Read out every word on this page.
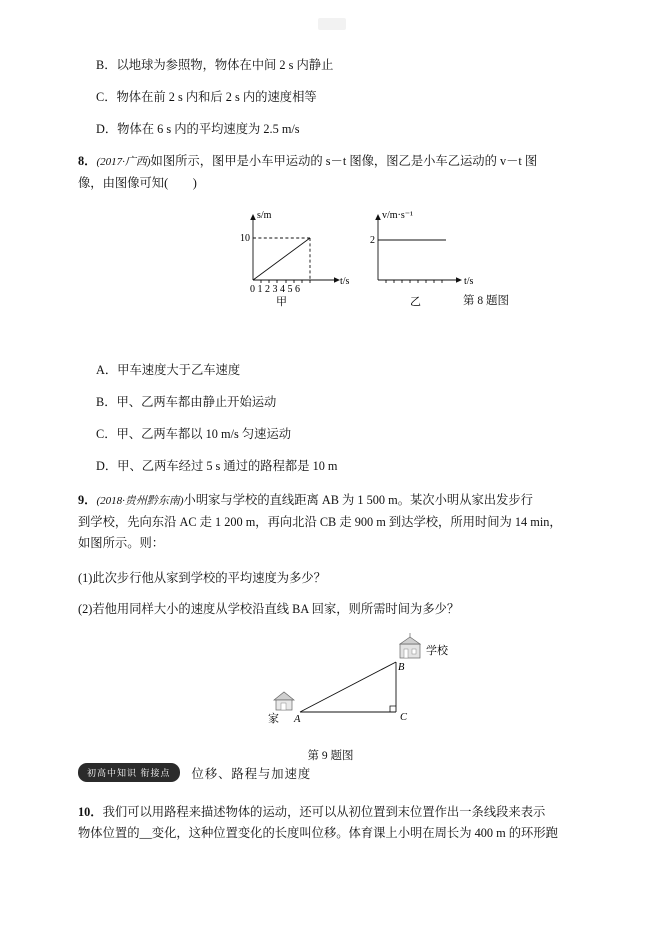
B．以地球为参照物，物体在中间 2 s 内静止
C．物体在前 2 s 内和后 2 s 内的速度相等
D．物体在 6 s 内的平均速度为 2.5 m/s
8．(2017·广西)如图所示，图甲是小车甲运动的 s－t 图像，图乙是小车乙运动的 v－t 图
像，由图像可知(　　)
s/m
t/s
10
0 1 2 3 4 5 6
甲
v/m·s⁻¹
t/s
2
乙	第 8 题图
A．甲车速度大于乙车速度
B．甲、乙两车都由静止开始运动
C．甲、乙两车都以 10 m/s 匀速运动
D．甲、乙两车经过 5 s 通过的路程都是 10 m
9．(2018·贵州黔东南)小明家与学校的直线距离 AB 为 1 500 m。某次小明从家出发步行
到学校，先向东沿 AC 走 1 200 m，再向北沿 CB 走 900 m 到达学校，所用时间为 14 min，
如图所示。则：
(1)此次步行他从家到学校的平均速度为多少？
(2)若他用同样大小的速度从学校沿直线 BA 回家，则所需时间为多少？
学校
家 A
B
C
第 9 题图
初高中知识 衔接点	位移、路程与加速度
10．我们可以用路程来描述物体的运动，还可以从初位置到末位置作出一条线段来表示
物体位置的__变化，这种位置变化的长度叫位移。体育课上小明在周长为 400 m 的环形跑
